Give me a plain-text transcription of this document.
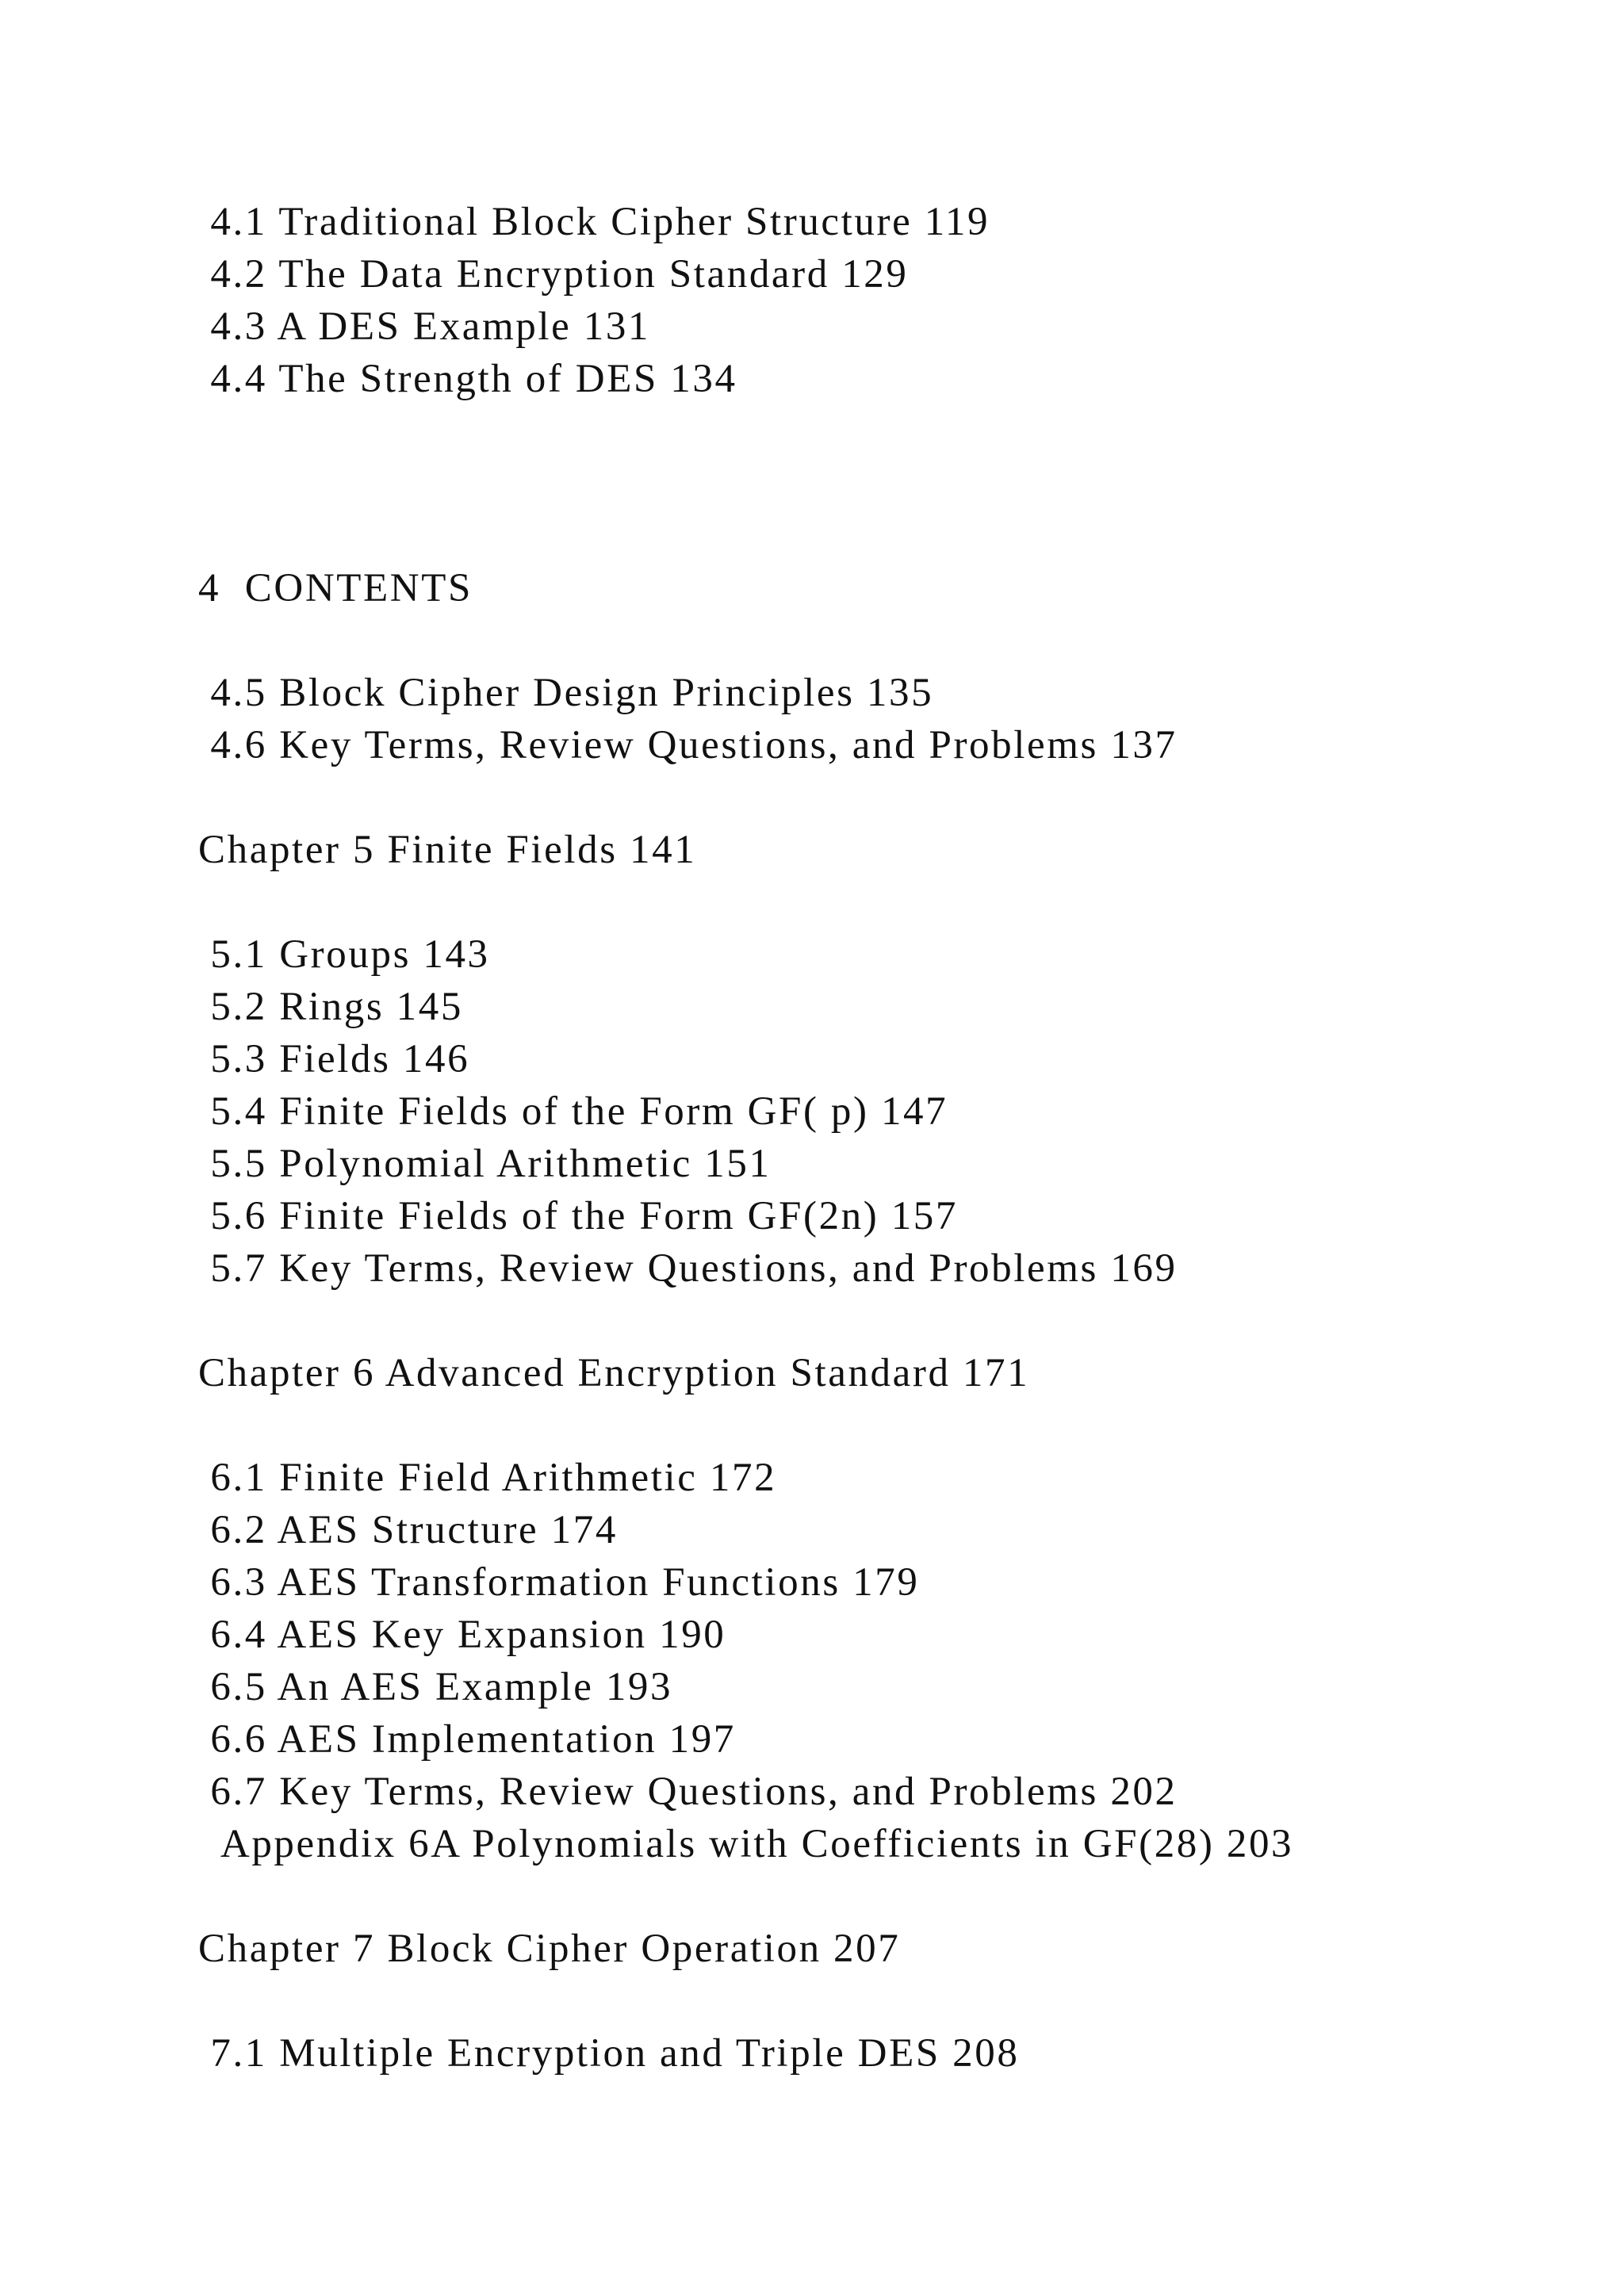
4.1 Traditional Block Cipher Structure 119
4.2 The Data Encryption Standard 129
4.3 A DES Example 131
4.4 The Strength of DES 134
4  CONTENTS
4.5 Block Cipher Design Principles 135
4.6 Key Terms, Review Questions, and Problems 137
Chapter 5 Finite Fields 141
5.1 Groups 143
5.2 Rings 145
5.3 Fields 146
5.4 Finite Fields of the Form GF( p) 147
5.5 Polynomial Arithmetic 151
5.6 Finite Fields of the Form GF(2n) 157
5.7 Key Terms, Review Questions, and Problems 169
Chapter 6 Advanced Encryption Standard 171
6.1 Finite Field Arithmetic 172
6.2 AES Structure 174
6.3 AES Transformation Functions 179
6.4 AES Key Expansion 190
6.5 An AES Example 193
6.6 AES Implementation 197
6.7 Key Terms, Review Questions, and Problems 202
Appendix 6A Polynomials with Coefficients in GF(28) 203
Chapter 7 Block Cipher Operation 207
7.1 Multiple Encryption and Triple DES 208
